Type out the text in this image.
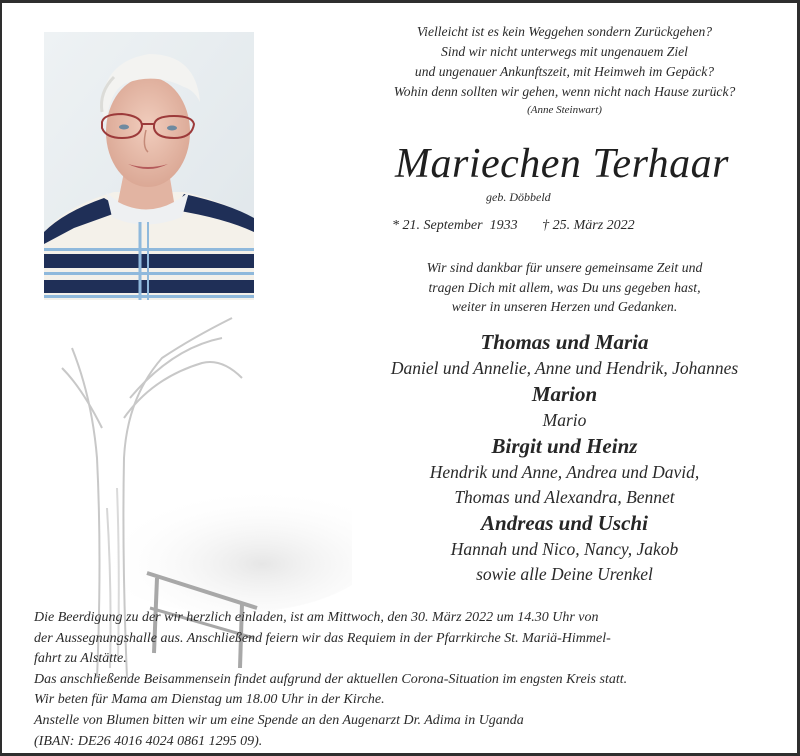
Vielleicht ist es kein Weggehen sondern Zurückgehen?
Sind wir nicht unterwegs mit ungenauem Ziel
und ungenauer Ankunftszeit, mit Heimweh im Gepäck?
Wohin denn sollten wir gehen, wenn nicht nach Hause zurück?
(Anne Steinwart)
Mariechen Terhaar
geb. Döbbeld
* 21. September  1933       † 25. März 2022
Wir sind dankbar für unsere gemeinsame Zeit und
tragen Dich mit allem, was Du uns gegeben hast,
weiter in unseren Herzen und Gedanken.
Thomas und Maria
Daniel und Annelie, Anne und Hendrik, Johannes
Marion
Mario
Birgit und Heinz
Hendrik und Anne, Andrea und David,
Thomas und Alexandra, Bennet
Andreas und Uschi
Hannah und Nico, Nancy, Jakob
sowie alle Deine Urenkel
Die Beerdigung zu der wir herzlich einladen, ist am Mittwoch, den 30. März 2022 um 14.30 Uhr von
der Aussegnungshalle aus. Anschließend feiern wir das Requiem in der Pfarrkirche St. Mariä-Himmel-
fahrt zu Alstätte.
Das anschließende Beisammensein findet aufgrund der aktuellen Corona-Situation im engsten Kreis statt.
Wir beten für Mama am Dienstag um 18.00 Uhr in der Kirche.
Anstelle von Blumen bitten wir um eine Spende an den Augenarzt Dr. Adima in Uganda
(IBAN: DE26 4016 4024 0861 1295 09).
